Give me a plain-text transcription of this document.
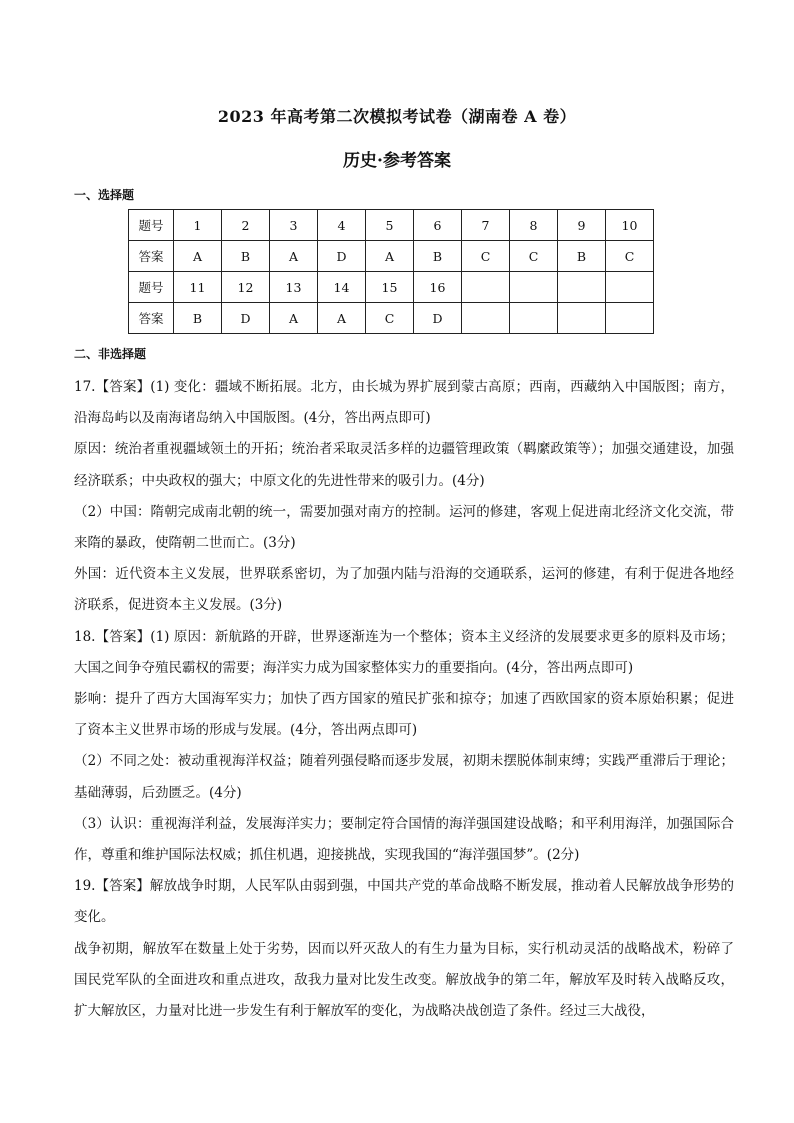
2023 年高考第二次模拟考试卷（湖南卷 A 卷）
历史·参考答案
一、选择题
题号	1	2	3	4	5	6	7	8	9	10
答案	A	B	A	D	A	B	C	C	B	C
题号	11	12	13	14	15	16				
答案	B	D	A	A	C	D				
二、非选择题

17.【答案】(1) 变化：疆域不断拓展。北方，由长城为界扩展到蒙古高原；西南，西藏纳入中国版图；南方，沿海岛屿以及南海诸岛纳入中国版图。(4分，答出两点即可)

原因：统治者重视疆域领土的开拓；统治者采取灵活多样的边疆管理政策（羁縻政策等）；加强交通建设，加强经济联系；中央政权的强大；中原文化的先进性带来的吸引力。(4分)

（2）中国：隋朝完成南北朝的统一，需要加强对南方的控制。运河的修建，客观上促进南北经济文化交流，带来隋的暴政，使隋朝二世而亡。(3分)

外国：近代资本主义发展，世界联系密切，为了加强内陆与沿海的交通联系，运河的修建，有利于促进各地经济联系，促进资本主义发展。(3分)

18.【答案】(1) 原因：新航路的开辟，世界逐渐连为一个整体；资本主义经济的发展要求更多的原料及市场；大国之间争夺殖民霸权的需要；海洋实力成为国家整体实力的重要指向。(4分，答出两点即可)

影响：提升了西方大国海军实力；加快了西方国家的殖民扩张和掠夺；加速了西欧国家的资本原始积累；促进了资本主义世界市场的形成与发展。(4分，答出两点即可)

（2）不同之处：被动重视海洋权益；随着列强侵略而逐步发展，初期未摆脱体制束缚；实践严重滞后于理论；基础薄弱，后劲匮乏。(4分)

（3）认识：重视海洋利益，发展海洋实力；要制定符合国情的海洋强国建设战略；和平利用海洋，加强国际合作，尊重和维护国际法权威；抓住机遇，迎接挑战，实现我国的“海洋强国梦”。(2分)

19.【答案】解放战争时期，人民军队由弱到强，中国共产党的革命战略不断发展，推动着人民解放战争形势的变化。

战争初期，解放军在数量上处于劣势，因而以歼灭敌人的有生力量为目标，实行机动灵活的战略战术，粉碎了国民党军队的全面进攻和重点进攻，敌我力量对比发生改变。解放战争的第二年，解放军及时转入战略反攻，扩大解放区，力量对比进一步发生有利于解放军的变化，为战略决战创造了条件。经过三大战役，
